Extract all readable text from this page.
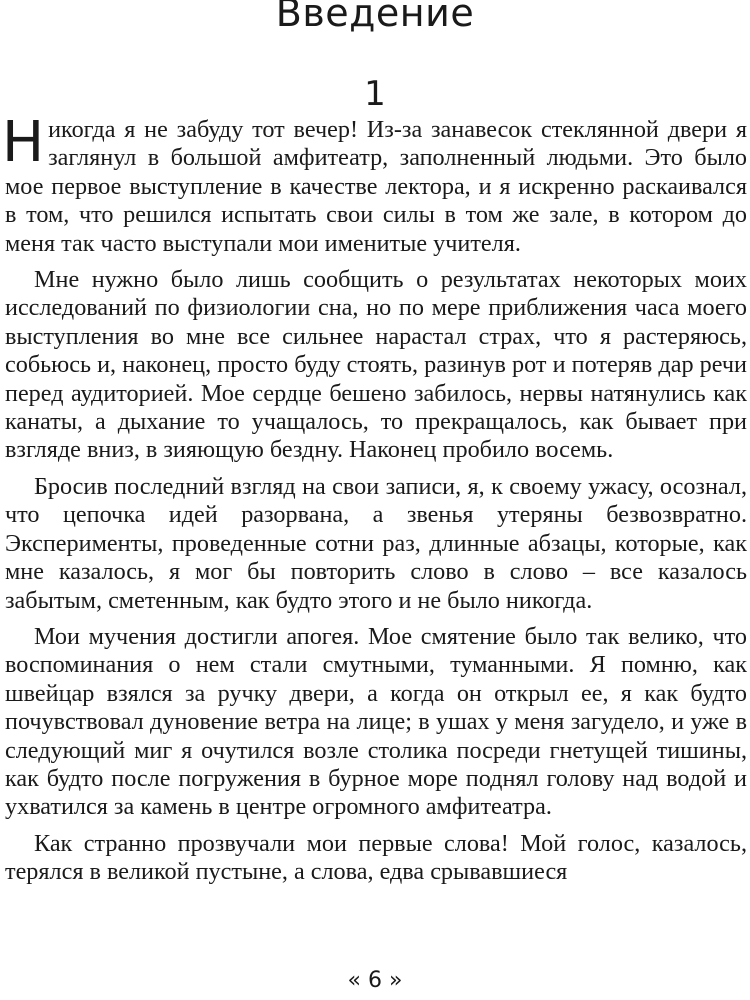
Введение
1

Никогда я не забуду тот вечер! Из-за занавесок стеклянной двери я заглянул в большой амфитеатр, заполненный людьми. Это было мое первое выступление в качестве лектора, и я искренно раскаивался в том, что решился испытать свои силы в том же зале, в котором до меня так часто выступали мои именитые учителя.

Мне нужно было лишь сообщить о результатах некоторых моих исследований по физиологии сна, но по мере приближения часа моего выступления во мне все сильнее нарастал страх, что я растеряюсь, собьюсь и, наконец, просто буду стоять, разинув рот и потеряв дар речи перед аудиторией. Мое сердце бешено забилось, нервы натянулись как канаты, а дыхание то учащалось, то прекращалось, как бывает при взгляде вниз, в зияющую бездну. Наконец пробило восемь.

Бросив последний взгляд на свои записи, я, к своему ужасу, осознал, что цепочка идей разорвана, а звенья утеряны безвозвратно. Эксперименты, проведенные сотни раз, длинные абзацы, которые, как мне казалось, я мог бы повторить слово в слово – все казалось забытым, сметенным, как будто этого и не было никогда.

Мои мучения достигли апогея. Мое смятение было так велико, что воспоминания о нем стали смутными, туманными. Я помню, как швейцар взялся за ручку двери, а когда он открыл ее, я как будто почувствовал дуновение ветра на лице; в ушах у меня загудело, и уже в следующий миг я очутился возле столика посреди гнетущей тишины, как будто после погружения в бурное море поднял голову над водой и ухватился за камень в центре огромного амфитеатра.

Как странно прозвучали мои первые слова! Мой голос, казалось, терялся в великой пустыне, а слова, едва срывавшиеся

« 6 »
